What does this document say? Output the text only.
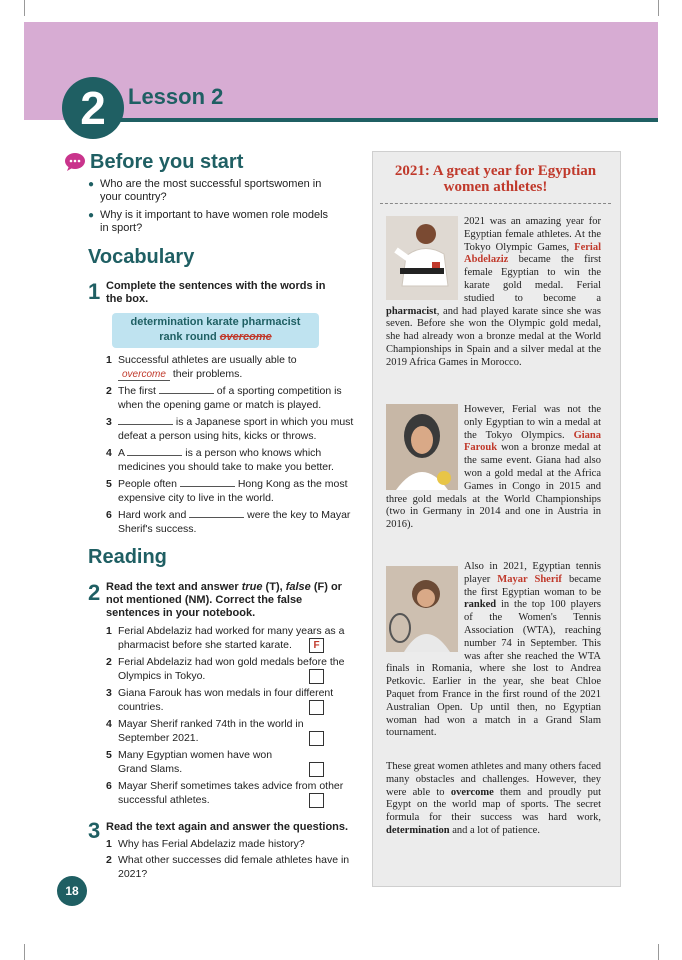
2	Lesson 2
Before you start
● Who are the most successful sportswomen in your country?
● Why is it important to have women role models in sport?
Vocabulary
1 Complete the sentences with the words in the box.
determination karate pharmacist
rank round overcome
1 Successful athletes are usually able to
overcome their problems.
2 The first	of a sporting competition is when the opening game or match is played.
3	is a Japanese sport in which you must defeat a person using hits, kicks or throws.
4 A	is a person who knows which medicines you should take to make you better.
5 People often	Hong Kong as the most expensive city to live in the world.
6 Hard work and	were the key to Mayar Sherif's success.
Reading
2 Read the text and answer true (T), false (F) or not mentioned (NM). Correct the false sentences in your notebook.
1 Ferial Abdelaziz had worked for many years as a pharmacist before she started karate.	F
2 Ferial Abdelaziz had won gold medals before the Olympics in Tokyo.
3 Giana Farouk has won medals in four different countries.
4 Mayar Sherif ranked 74th in the world in September 2021.
5 Many Egyptian women have won Grand Slams.
6 Mayar Sherif sometimes takes advice from other successful athletes.
3 Read the text again and answer the questions.
1 Why has Ferial Abdelaziz made history?
2 What other successes did female athletes have in 2021?
18
2021: A great year for Egyptian women athletes!
2021 was an amazing year for Egyptian female athletes. At the Tokyo Olympic Games, Ferial Abdelaziz became the first female Egyptian to win the karate gold medal. Ferial studied to become a pharmacist, and had played karate since she was seven. Before she won the Olympic gold medal, she had already won a bronze medal at the World Championships in Spain and a silver medal at the 2019 Africa Games in Morocco.
However, Ferial was not the only Egyptian to win a medal at the Tokyo Olympics. Giana Farouk won a bronze medal at the same event. Giana had also won a gold medal at the Africa Games in Congo in 2015 and three gold medals at the World Championships (two in Germany in 2014 and one in Austria in 2016).
Also in 2021, Egyptian tennis player Mayar Sherif became the first Egyptian woman to be ranked in the top 100 players of the Women's Tennis Association (WTA), reaching number 74 in September. This was after she reached the WTA finals in Romania, where she lost to Andrea Petkovic. Earlier in the year, she beat Chloe Paquet from France in the first round of the 2021 Australian Open. Up until then, no Egyptian woman had won a match in a Grand Slam tournament.
These great women athletes and many others faced many obstacles and challenges. However, they were able to overcome them and proudly put Egypt on the world map of sports. The secret formula for their success was hard work, determination and a lot of patience.
